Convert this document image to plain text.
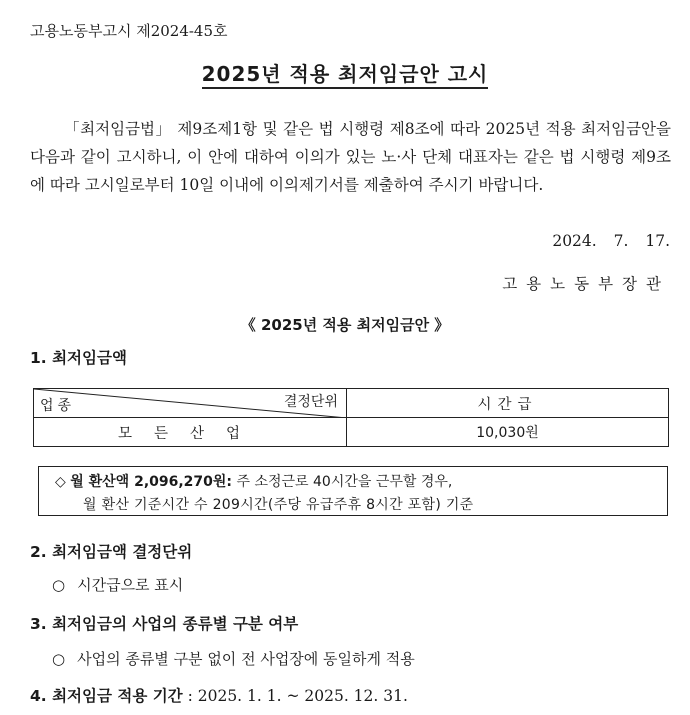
고용노동부고시 제2024-45호
2025년 적용 최저임금안 고시
「최저임금법」 제9조제1항 및 같은 법 시행령 제8조에 따라 2025년 적용 최저임금안을 다음과 같이 고시하니, 이 안에 대하여 이의가 있는 노·사 단체 대표자는 같은 법 시행령 제9조에 따라 고시일로부터 10일 이내에 이의제기서를 제출하여 주시기 바랍니다.
2024. 7. 17.
고용노동부장관
《 2025년 적용 최저임금안 》
1. 최저임금액
결정단위
업종	시간급
모든산업	10,030원
◇ 월 환산액 2,096,270원: 주 소정근로 40시간을 근무할 경우,
월 환산 기준시간 수 209시간(주당 유급주휴 8시간 포함) 기준
2. 최저임금액 결정단위
○ 시간급으로 표시
3. 최저임금의 사업의 종류별 구분 여부
○ 사업의 종류별 구분 없이 전 사업장에 동일하게 적용
4. 최저임금 적용 기간 : 2025. 1. 1. ~ 2025. 12. 31.
